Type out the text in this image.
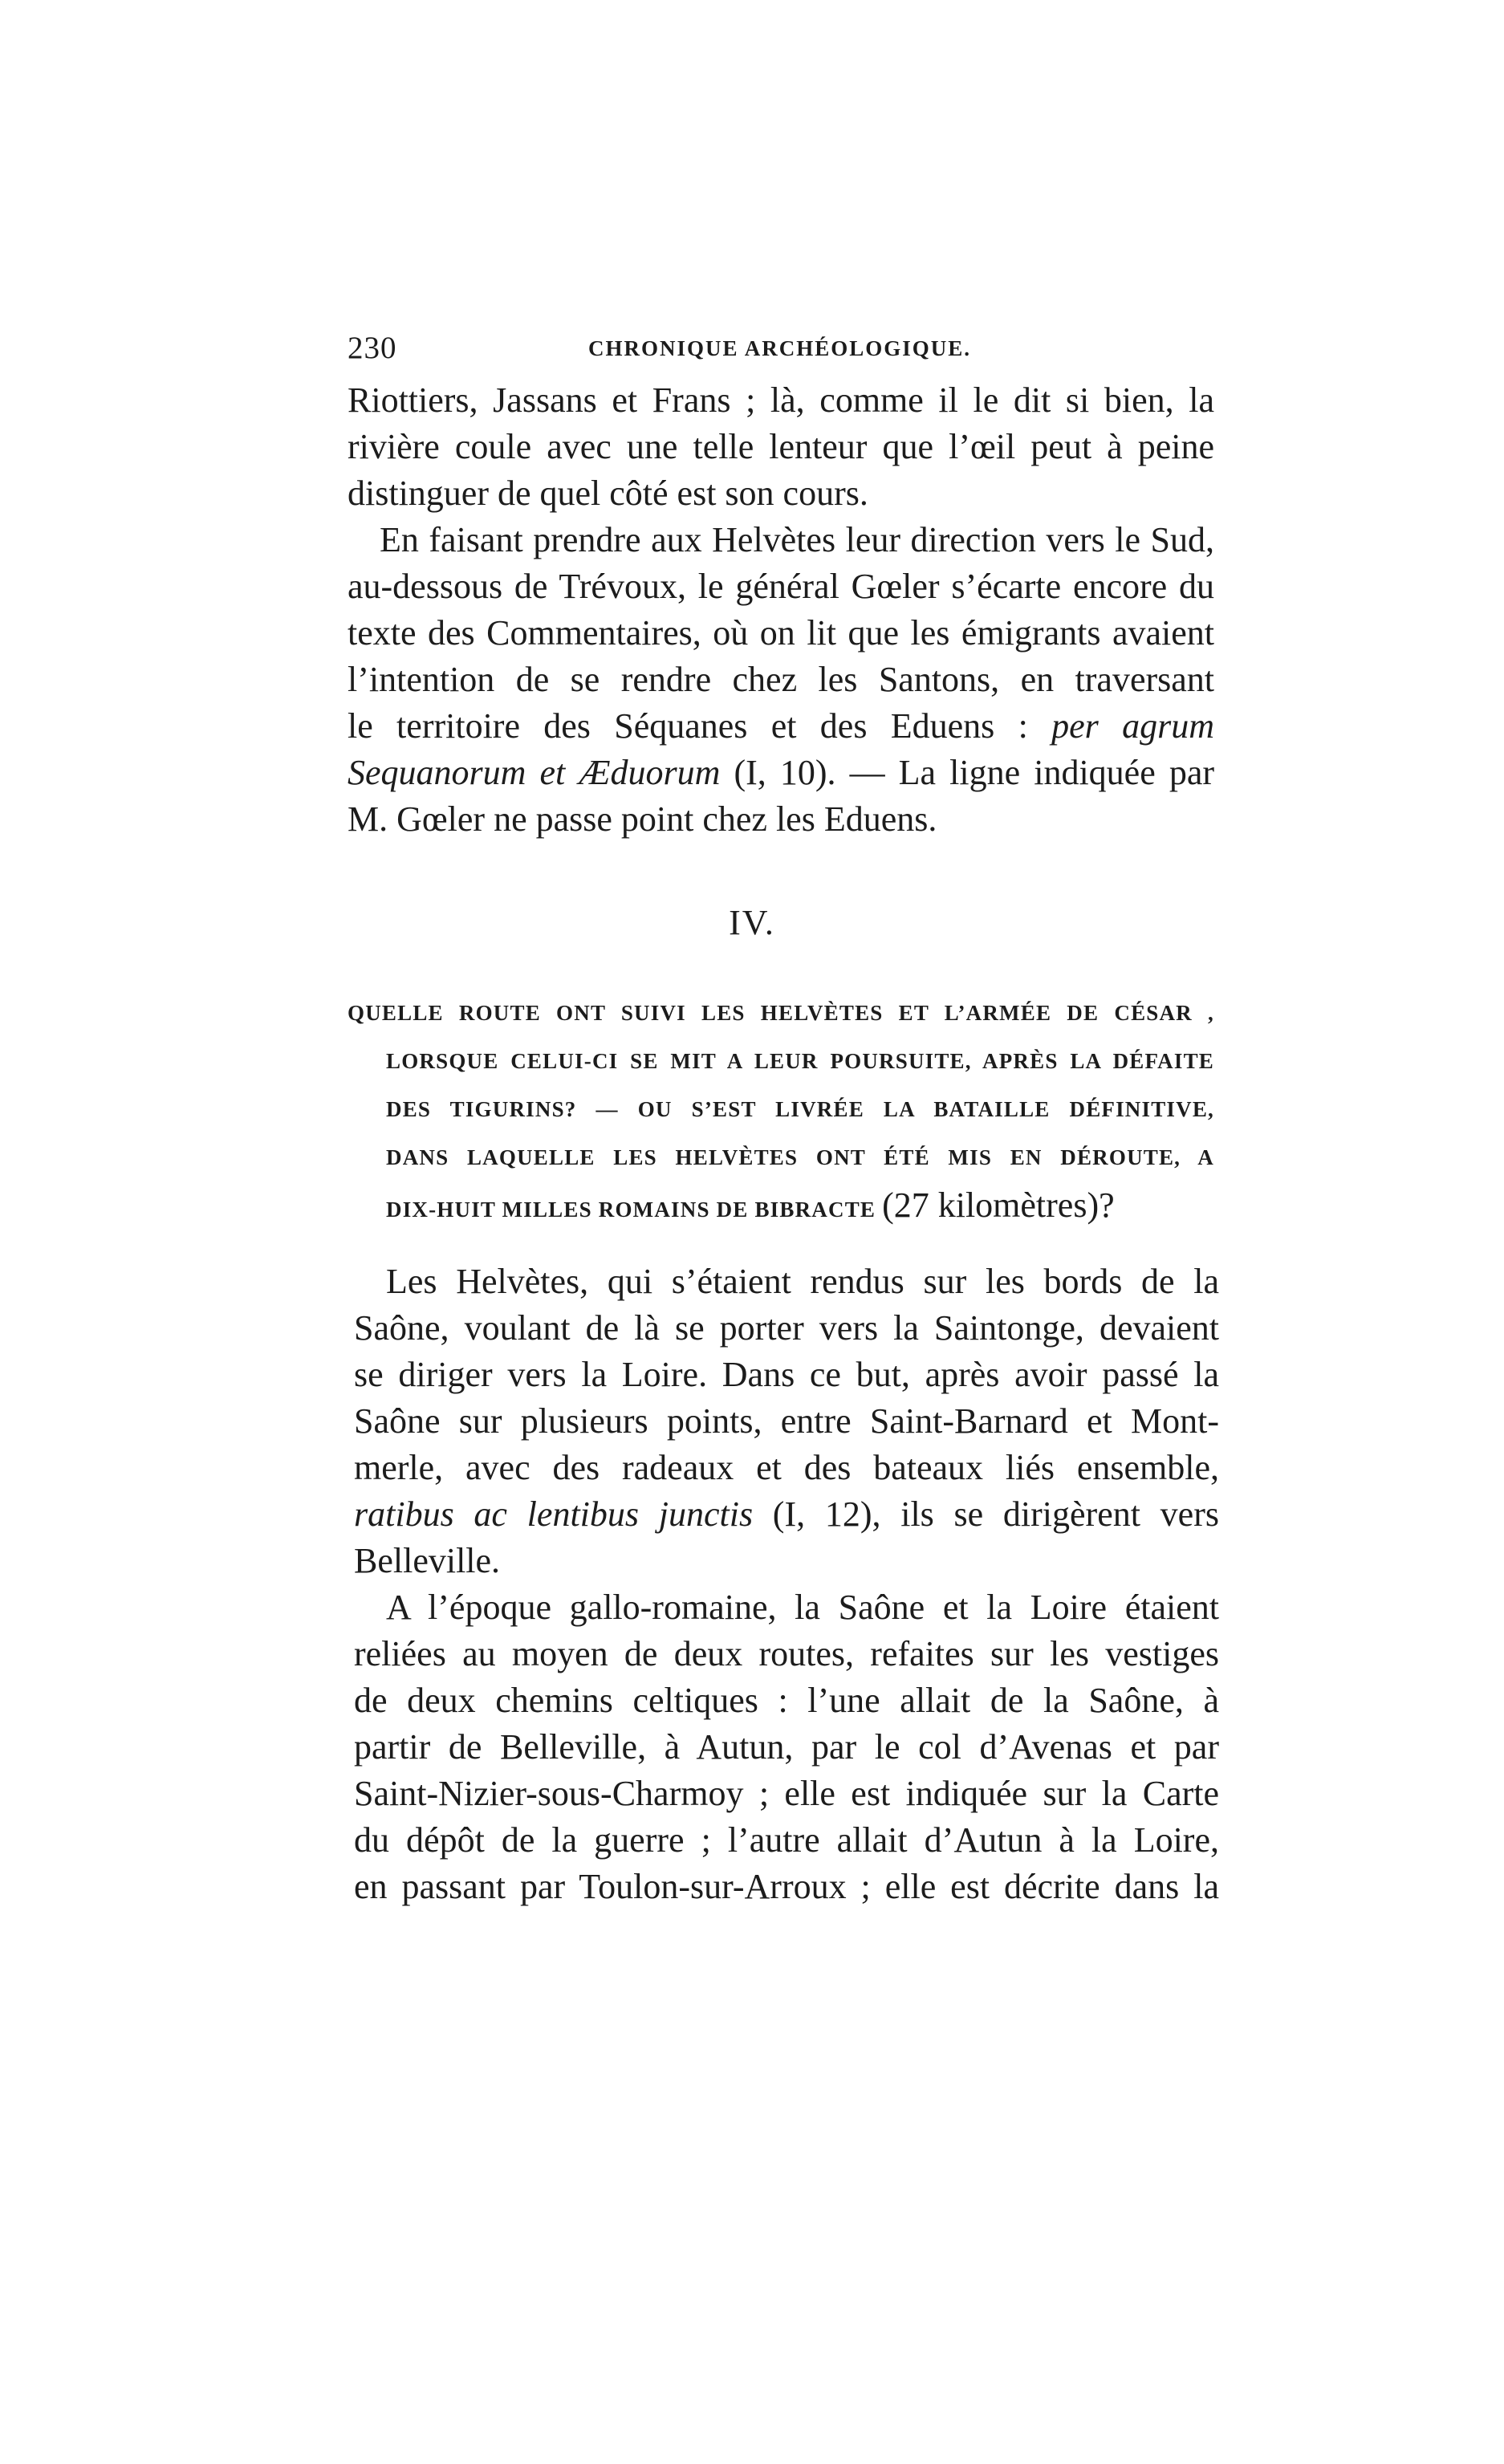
230	CHRONIQUE ARCHÉOLOGIQUE.
Riottiers, Jassans et Frans ; là, comme il le dit si bien, la
rivière coule avec une telle lenteur que l’œil peut à peine
distinguer de quel côté est son cours.
En faisant prendre aux Helvètes leur direction vers le Sud,
au-dessous de Trévoux, le général Gœler s’écarte encore du
texte des Commentaires, où on lit que les émigrants avaient
l’intention de se rendre chez les Santons, en traversant
le territoire des Séquanes et des Eduens : per agrum
Sequanorum et Æduorum (I, 10). — La ligne indiquée par
M. Gœler ne passe point chez les Eduens.
IV.
QUELLE ROUTE ONT SUIVI LES HELVÈTES ET L’ARMÉE DE CÉSAR ,
LORSQUE CELUI-CI SE MIT A LEUR POURSUITE, APRÈS LA DÉFAITE
DES TIGURINS? — OU S’EST LIVRÉE LA BATAILLE DÉFINITIVE,
DANS LAQUELLE LES HELVÈTES ONT ÉTÉ MIS EN DÉROUTE, A
DIX-HUIT MILLES ROMAINS DE BIBRACTE (27 kilomètres)?
Les Helvètes, qui s’étaient rendus sur les bords de la
Saône, voulant de là se porter vers la Saintonge, devaient
se diriger vers la Loire. Dans ce but, après avoir passé la
Saône sur plusieurs points, entre Saint-Barnard et Mont-
merle, avec des radeaux et des bateaux liés ensemble,
ratibus ac lentibus junctis (I, 12), ils se dirigèrent vers
Belleville.
A l’époque gallo-romaine, la Saône et la Loire étaient
reliées au moyen de deux routes, refaites sur les vestiges
de deux chemins celtiques : l’une allait de la Saône, à
partir de Belleville, à Autun, par le col d’Avenas et par
Saint-Nizier-sous-Charmoy ; elle est indiquée sur la Carte
du dépôt de la guerre ; l’autre allait d’Autun à la Loire,
en passant par Toulon-sur-Arroux ; elle est décrite dans la
